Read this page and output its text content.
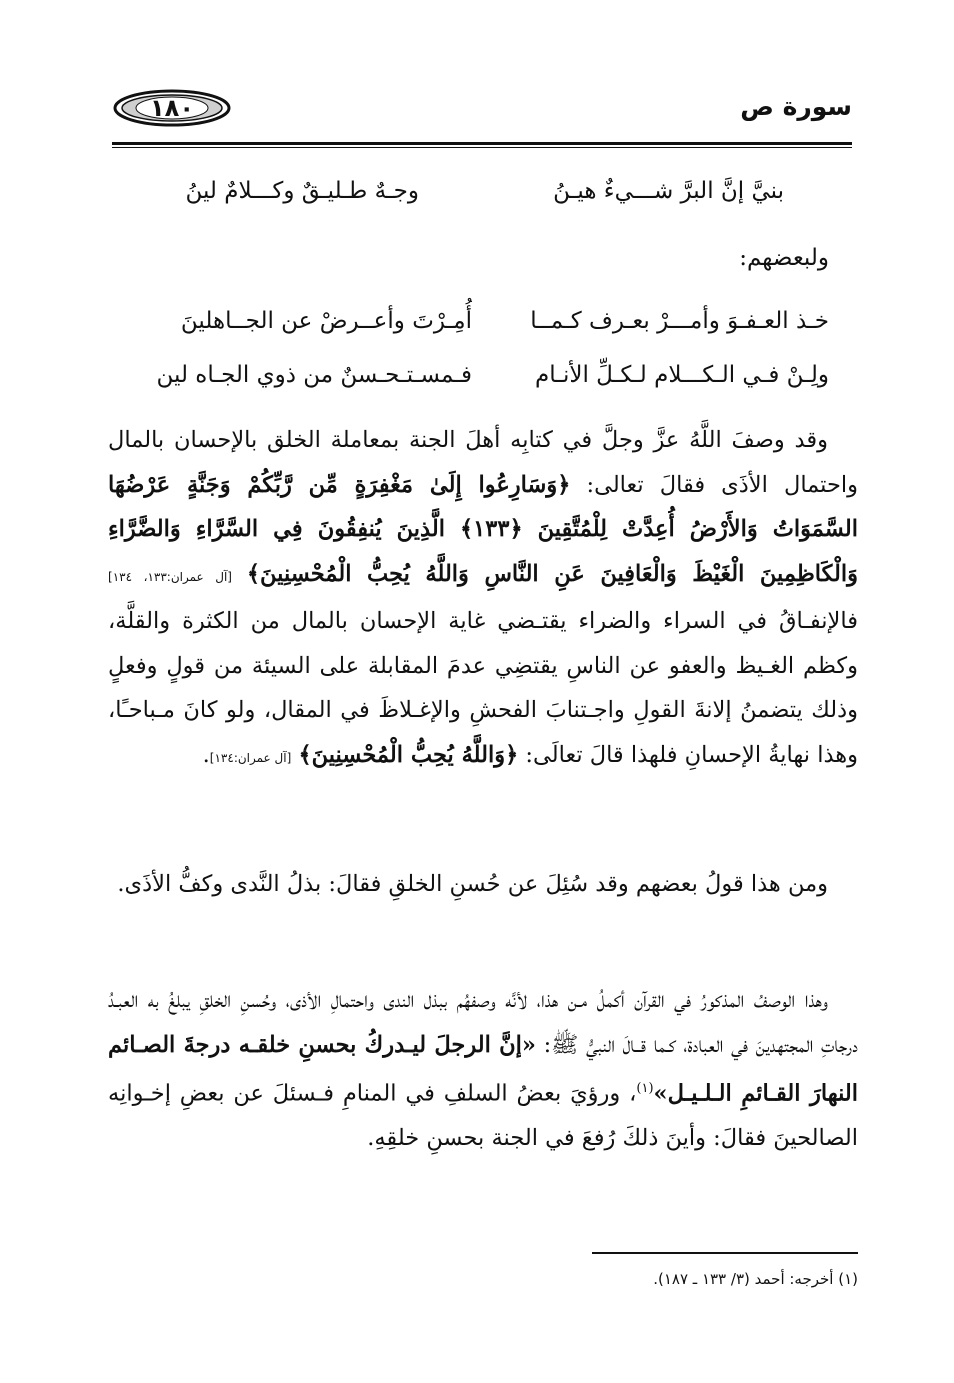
سورة ص
١٨٠
بنيَّ إنَّ البرَّ شـــيءٌ هيـنُ
وجـهٌ طـليـقٌ وكـــلامٌ لينُ
ولبعضهم:
خـذ العـفـوَ وأمـــرْ بعـرف كـمــا
أُمِـرْتَ وأعــرضْ عن الجــاهلينَ
ولِـنْ فـي الـكـــلام لـكـلِّ الأنـام
فـمسـتـحـسنٌ من ذوي الجـاه لين
وقد وصفَ اللَّهُ عزَّ وجلَّ في كتابِه أهلَ الجنة بمعاملة الخلق بالإحسان بالمال واحتمال الأذَى فقالَ تعالى: ﴿وَسَارِعُوا إِلَىٰ مَغْفِرَةٍ مِّن رَّبِّكُمْ وَجَنَّةٍ عَرْضُهَا السَّمَوَاتُ وَالأَرْضُ أُعِدَّتْ لِلْمُتَّقِينَ ﴿١٣٣﴾ الَّذِينَ يُنفِقُونَ فِي السَّرَّاءِ وَالضَّرَّاءِ وَالْكَاظِمِينَ الْغَيْظَ وَالْعَافِينَ عَنِ النَّاسِ وَاللَّهُ يُحِبُّ الْمُحْسِنِينَ﴾ [آل عمران:١٣٣، ١٣٤] فالإنفـاقُ في السراء والضراء يقتـضي غاية الإحسان بالمال من الكثرة والقلَّة، وكظم الغـيظ والعفو عن الناسِ يقتضِي عدمَ المقابلة على السيئة من قولٍ وفعلٍ وذلك يتضمنُ إلانةَ القولِ واجـتنابَ الفحشِ والإغـلاظَ في المقال، ولو كانَ مـباحـًا، وهذا نهايةُ الإحسانِ فلهذا قالَ تعالَى: ﴿وَاللَّهُ يُحِبُّ الْمُحْسِنِينَ﴾ [آل عمران:١٣٤].
ومن هذا قولُ بعضهم وقد سُئِلَ عن حُسنِ الخلقِ فقالَ: بذلُ النَّدى وكفُّ الأذَى.
وهذا الوصفُ المذكورُ في القرآن أكملُ مـن هذا، لأنَّه وصفهُم ببذل الندى واحتمالِ الأذى، وحُسنِ الخلقِ يبلغُ به العبـدُ درجاتِ المجتهدينَ في العبادة، كـما قــالَ النبيُّ ﷺ: «إنَّ الرجلَ ليـدركُ بحسنِ خلقـه درجةَ الصـائم النهارَ القـائمِ الـلـيـل»$^{(١)}$، ورؤيَ بعضُ السلفِ في المنامِ فـسئلَ عن بعضِ إخـوانِه الصالحينَ فقالَ: وأينَ ذلكَ رُفعَ في الجنة بحسنِ خلقِهِ.
(١) أخرجه: أحمد (٣/ ١٣٣ ـ ١٨٧).
